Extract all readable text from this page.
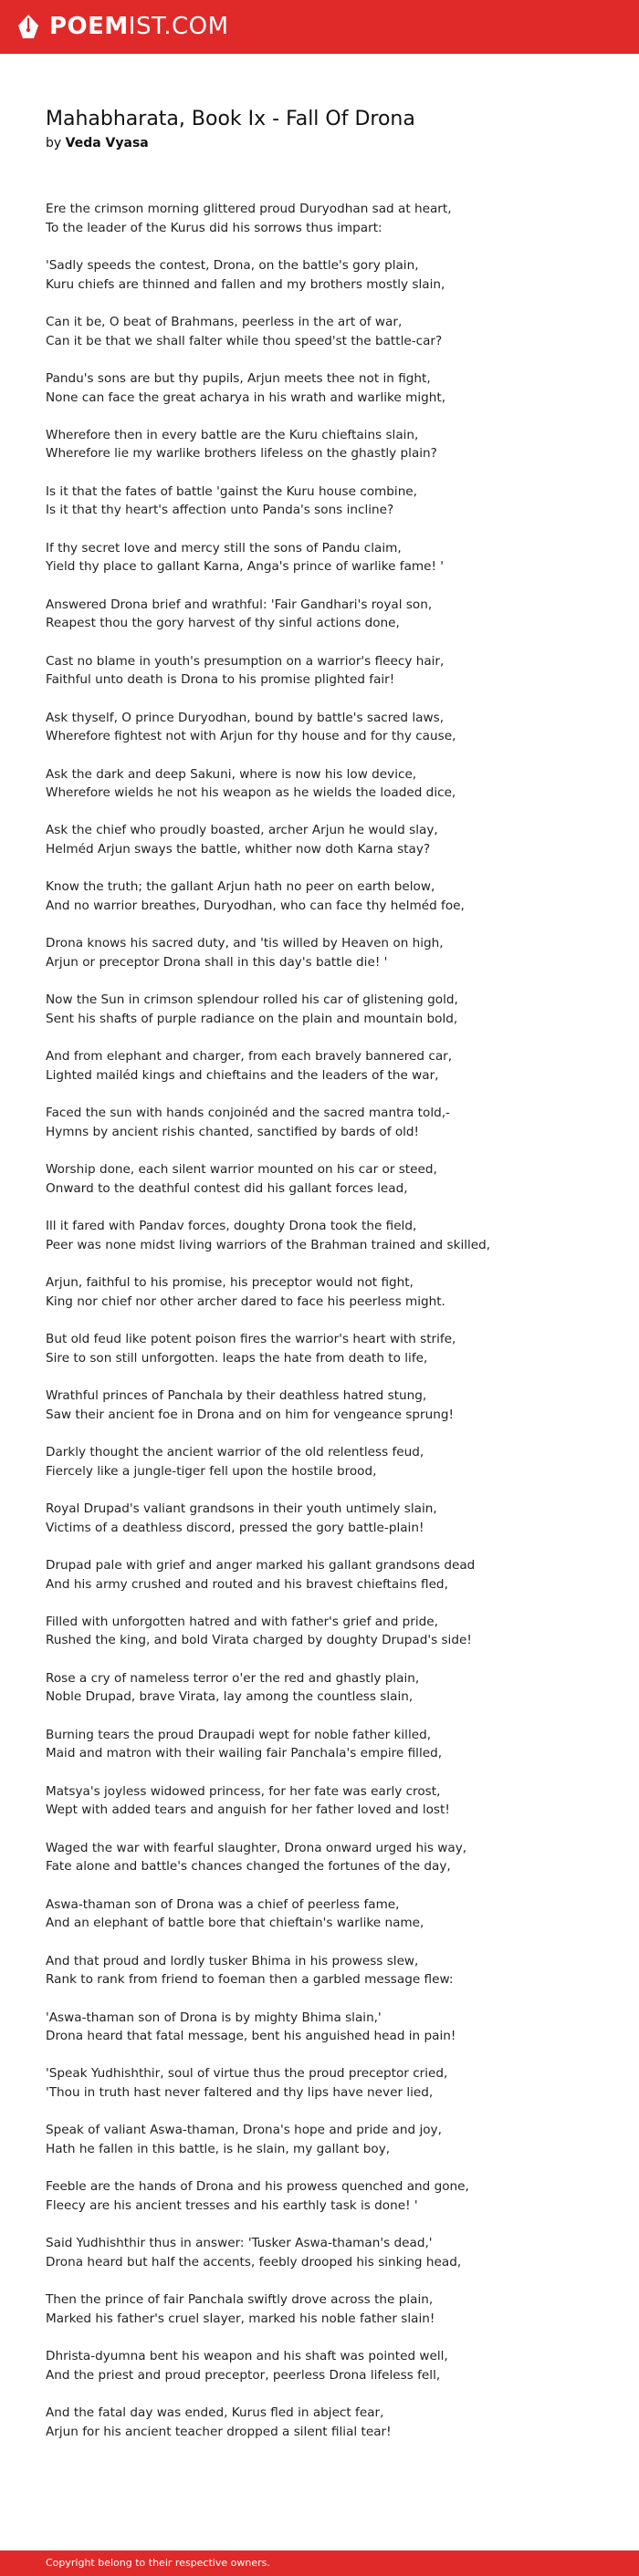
POEMIST.COM
Mahabharata, Book Ix - Fall Of Drona
by Veda Vyasa

Ere the crimson morning glittered proud Duryodhan sad at heart,
To the leader of the Kurus did his sorrows thus impart:

'Sadly speeds the contest, Drona, on the battle's gory plain,
Kuru chiefs are thinned and fallen and my brothers mostly slain,

Can it be, O beat of Brahmans, peerless in the art of war,
Can it be that we shall falter while thou speed'st the battle-car?

Pandu's sons are but thy pupils, Arjun meets thee not in fight,
None can face the great acharya in his wrath and warlike might,

Wherefore then in every battle are the Kuru chieftains slain,
Wherefore lie my warlike brothers lifeless on the ghastly plain?

Is it that the fates of battle 'gainst the Kuru house combine,
Is it that thy heart's affection unto Panda's sons incline?

If thy secret love and mercy still the sons of Pandu claim,
Yield thy place to gallant Karna, Anga's prince of warlike fame! '

Answered Drona brief and wrathful: 'Fair Gandhari's royal son,
Reapest thou the gory harvest of thy sinful actions done,

Cast no blame in youth's presumption on a warrior's fleecy hair,
Faithful unto death is Drona to his promise plighted fair!

Ask thyself, O prince Duryodhan, bound by battle's sacred laws,
Wherefore fightest not with Arjun for thy house and for thy cause,

Ask the dark and deep Sakuni, where is now his low device,
Wherefore wields he not his weapon as he wields the loaded dice,

Ask the chief who proudly boasted, archer Arjun he would slay,
Helméd Arjun sways the battle, whither now doth Karna stay?

Know the truth; the gallant Arjun hath no peer on earth below,
And no warrior breathes, Duryodhan, who can face thy helméd foe,

Drona knows his sacred duty, and 'tis willed by Heaven on high,
Arjun or preceptor Drona shall in this day's battle die! '

Now the Sun in crimson splendour rolled his car of glistening gold,
Sent his shafts of purple radiance on the plain and mountain bold,

And from elephant and charger, from each bravely bannered car,
Lighted mailéd kings and chieftains and the leaders of the war,

Faced the sun with hands conjoinéd and the sacred mantra told,-
Hymns by ancient rishis chanted, sanctified by bards of old!

Worship done, each silent warrior mounted on his car or steed,
Onward to the deathful contest did his gallant forces lead,

Ill it fared with Pandav forces, doughty Drona took the field,
Peer was none midst living warriors of the Brahman trained and skilled,

Arjun, faithful to his promise, his preceptor would not fight,
King nor chief nor other archer dared to face his peerless might.

But old feud like potent poison fires the warrior's heart with strife,
Sire to son still unforgotten. leaps the hate from death to life,

Wrathful princes of Panchala by their deathless hatred stung,
Saw their ancient foe in Drona and on him for vengeance sprung!

Darkly thought the ancient warrior of the old relentless feud,
Fiercely like a jungle-tiger fell upon the hostile brood,

Royal Drupad's valiant grandsons in their youth untimely slain,
Victims of a deathless discord, pressed the gory battle-plain!

Drupad pale with grief and anger marked his gallant grandsons dead
And his army crushed and routed and his bravest chieftains fled,

Filled with unforgotten hatred and with father's grief and pride,
Rushed the king, and bold Virata charged by doughty Drupad's side!

Rose a cry of nameless terror o'er the red and ghastly plain,
Noble Drupad, brave Virata, lay among the countless slain,

Burning tears the proud Draupadi wept for noble father killed,
Maid and matron with their wailing fair Panchala's empire filled,

Matsya's joyless widowed princess, for her fate was early crost,
Wept with added tears and anguish for her father loved and lost!

Waged the war with fearful slaughter, Drona onward urged his way,
Fate alone and battle's chances changed the fortunes of the day,

Aswa-thaman son of Drona was a chief of peerless fame,
And an elephant of battle bore that chieftain's warlike name,

And that proud and lordly tusker Bhima in his prowess slew,
Rank to rank from friend to foeman then a garbled message flew:

'Aswa-thaman son of Drona is by mighty Bhima slain,'
Drona heard that fatal message, bent his anguished head in pain!

'Speak Yudhishthir, soul of virtue thus the proud preceptor cried,
'Thou in truth hast never faltered and thy lips have never lied,

Speak of valiant Aswa-thaman, Drona's hope and pride and joy,
Hath he fallen in this battle, is he slain, my gallant boy,

Feeble are the hands of Drona and his prowess quenched and gone,
Fleecy are his ancient tresses and his earthly task is done! '

Said Yudhishthir thus in answer: 'Tusker Aswa-thaman's dead,'
Drona heard but half the accents, feebly drooped his sinking head,

Then the prince of fair Panchala swiftly drove across the plain,
Marked his father's cruel slayer, marked his noble father slain!

Dhrista-dyumna bent his weapon and his shaft was pointed well,
And the priest and proud preceptor, peerless Drona lifeless fell,

And the fatal day was ended, Kurus fled in abject fear,
Arjun for his ancient teacher dropped a silent filial tear!

Copyright belong to their respective owners.
